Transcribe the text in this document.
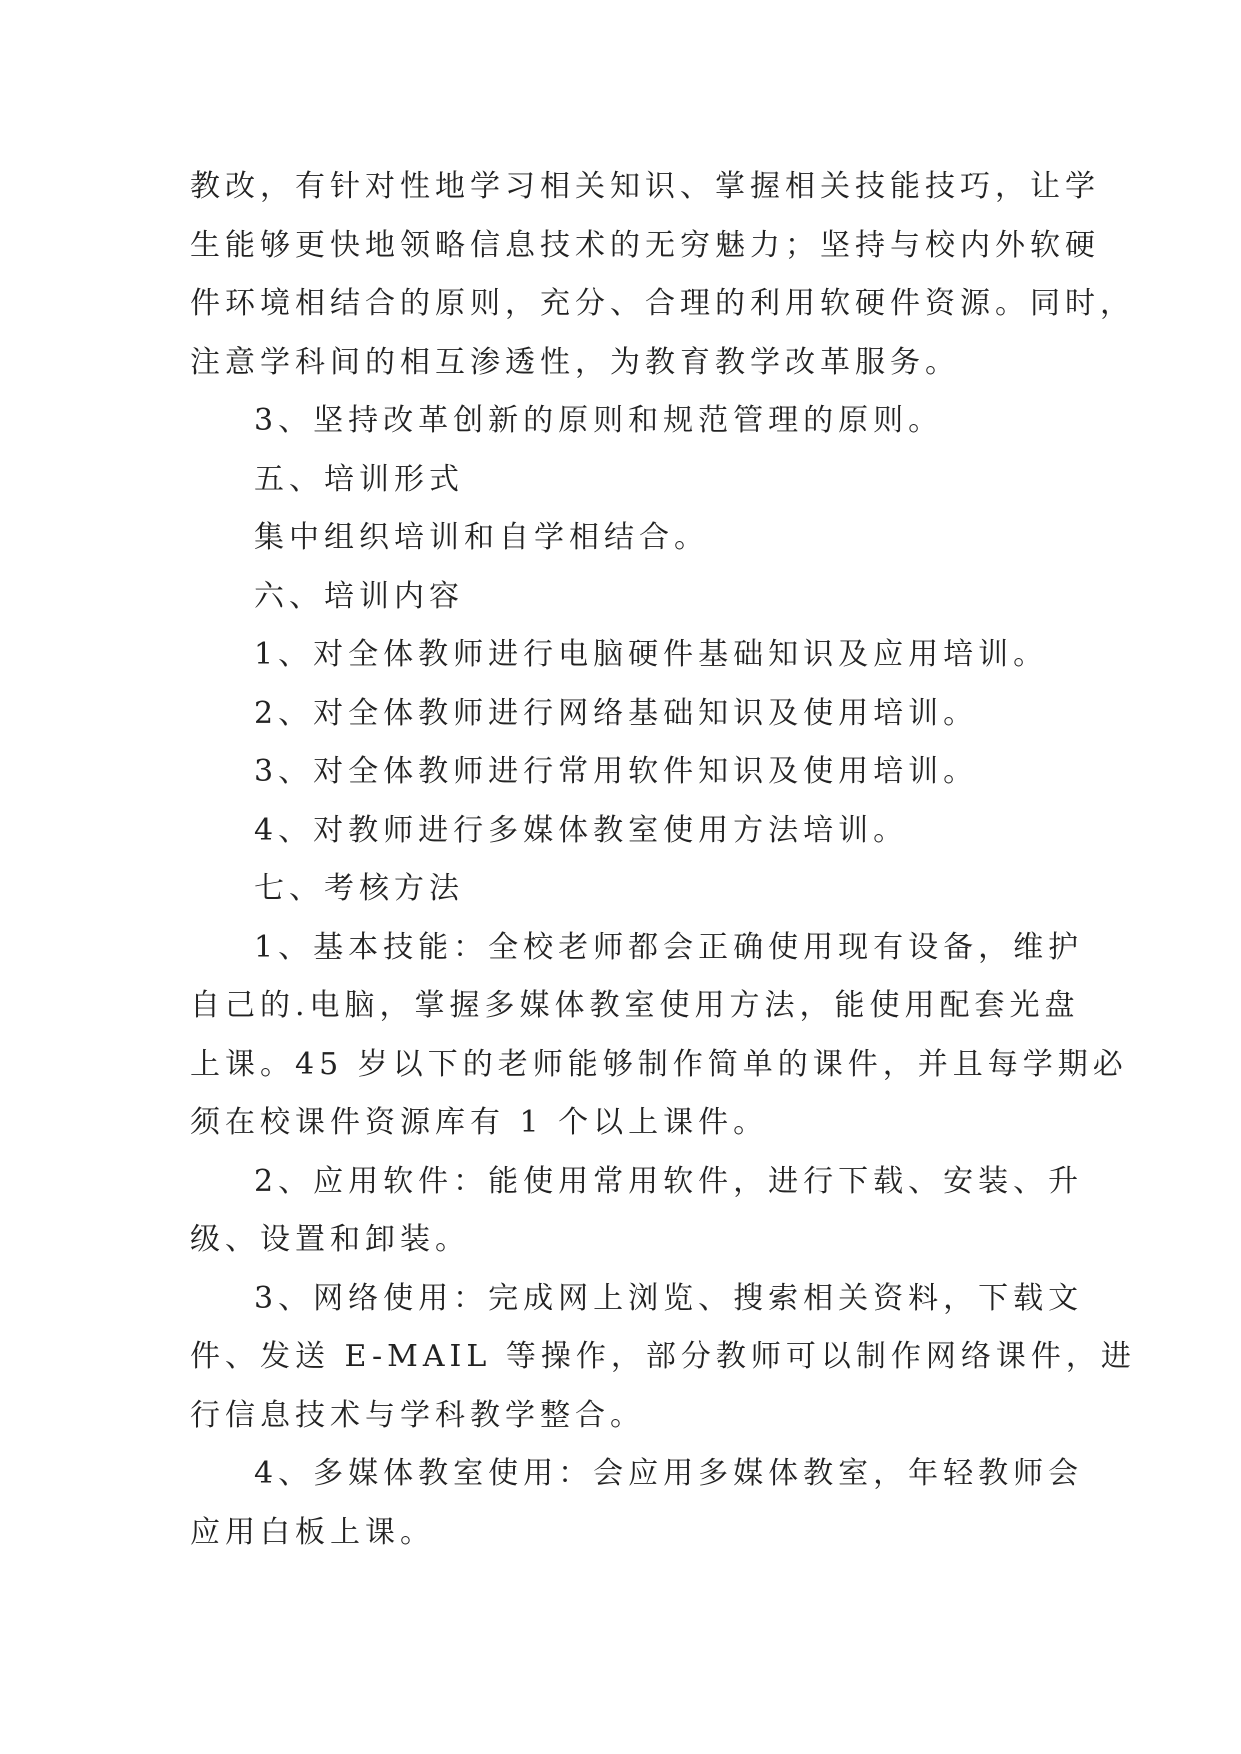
教改，有针对性地学习相关知识、掌握相关技能技巧，让学
生能够更快地领略信息技术的无穷魅力；坚持与校内外软硬
件环境相结合的原则，充分、合理的利用软硬件资源。同时，
注意学科间的相互渗透性，为教育教学改革服务。
3、坚持改革创新的原则和规范管理的原则。
五、培训形式
集中组织培训和自学相结合。
六、培训内容
1、对全体教师进行电脑硬件基础知识及应用培训。
2、对全体教师进行网络基础知识及使用培训。
3、对全体教师进行常用软件知识及使用培训。
4、对教师进行多媒体教室使用方法培训。
七、考核方法
1、基本技能：全校老师都会正确使用现有设备，维护
自己的.电脑，掌握多媒体教室使用方法，能使用配套光盘
上课。45 岁以下的老师能够制作简单的课件，并且每学期必
须在校课件资源库有 1 个以上课件。
2、应用软件：能使用常用软件，进行下载、安装、升
级、设置和卸装。
3、网络使用：完成网上浏览、搜索相关资料，下载文
件、发送 E-MAIL 等操作，部分教师可以制作网络课件，进
行信息技术与学科教学整合。
4、多媒体教室使用：会应用多媒体教室，年轻教师会
应用白板上课。
